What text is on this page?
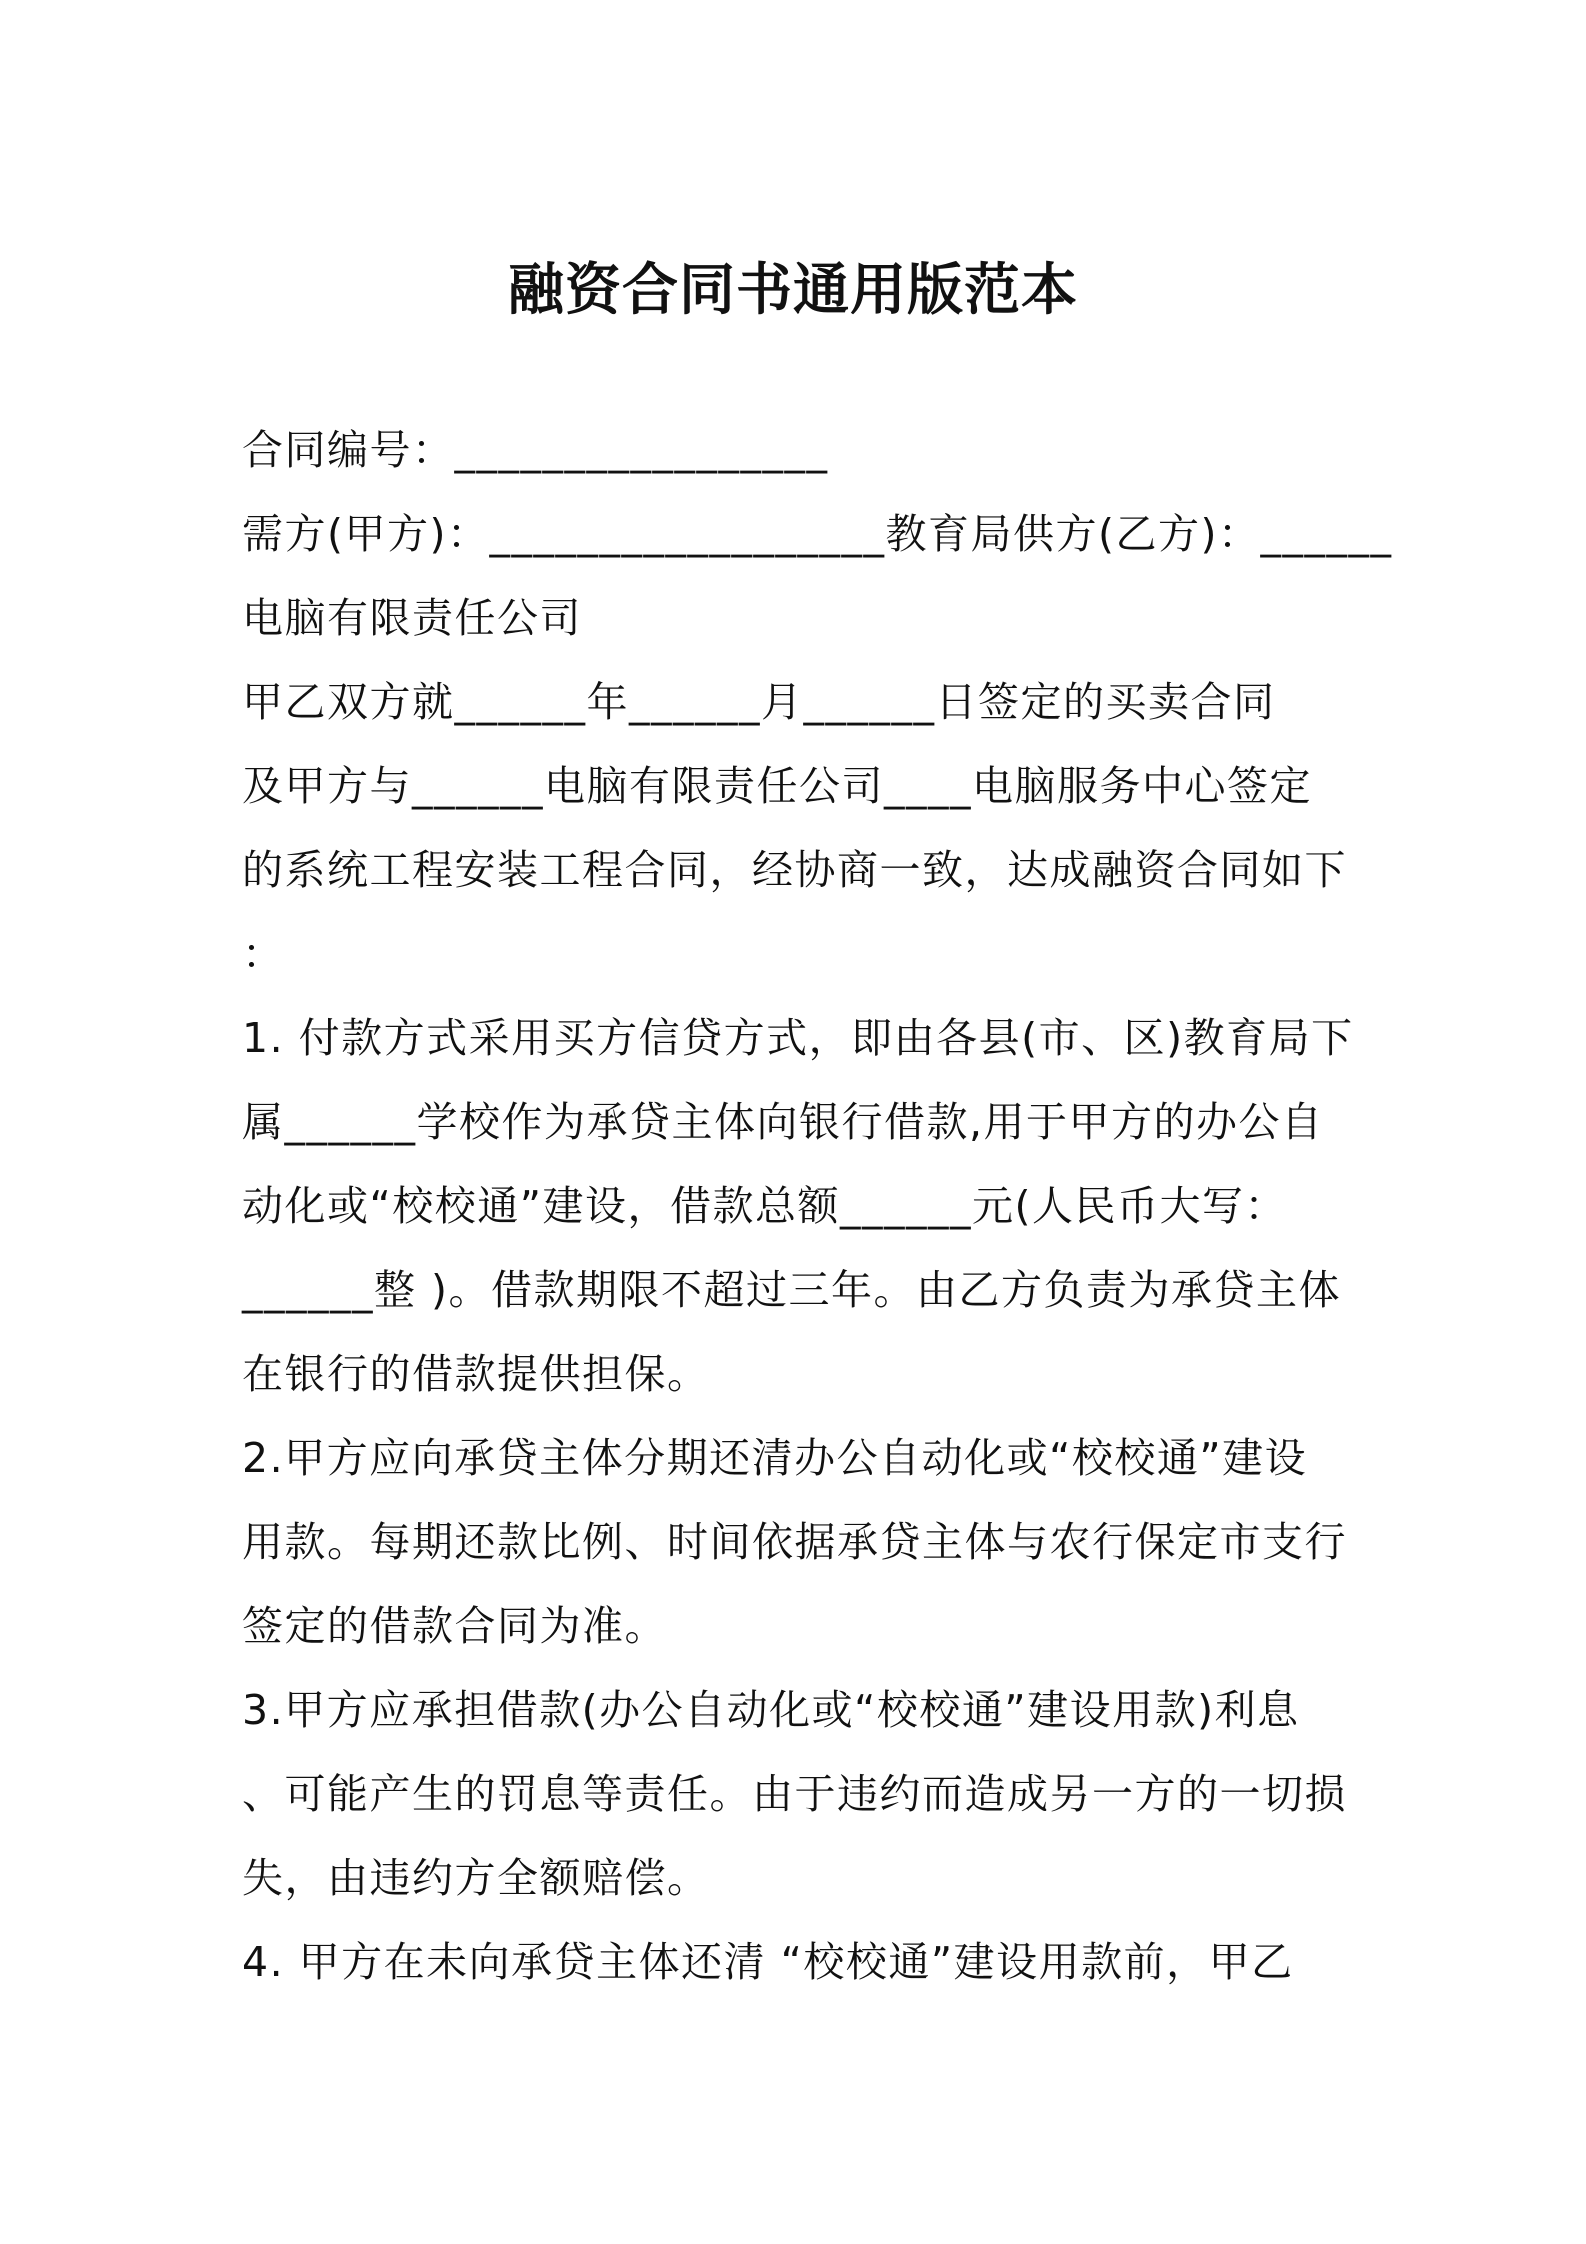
融资合同书通用版范本
合同编号：_________________
需方(甲方)：__________________教育局供方(乙方)：______
电脑有限责任公司
甲乙双方就______年______月______日签定的买卖合同
及甲方与______电脑有限责任公司____电脑服务中心签定
的系统工程安装工程合同，经协商一致，达成融资合同如下
：
1. 付款方式采用买方信贷方式，即由各县(市、区)教育局下
属______学校作为承贷主体向银行借款,用于甲方的办公自
动化或“校校通”建设，借款总额______元(人民币大写：
______整 )。借款期限不超过三年。由乙方负责为承贷主体
在银行的借款提供担保。
2.甲方应向承贷主体分期还清办公自动化或“校校通”建设
用款。每期还款比例、时间依据承贷主体与农行保定市支行
签定的借款合同为准。
3.甲方应承担借款(办公自动化或“校校通”建设用款)利息
、可能产生的罚息等责任。由于违约而造成另一方的一切损
失，由违约方全额赔偿。
4. 甲方在未向承贷主体还清 “校校通”建设用款前，甲乙
